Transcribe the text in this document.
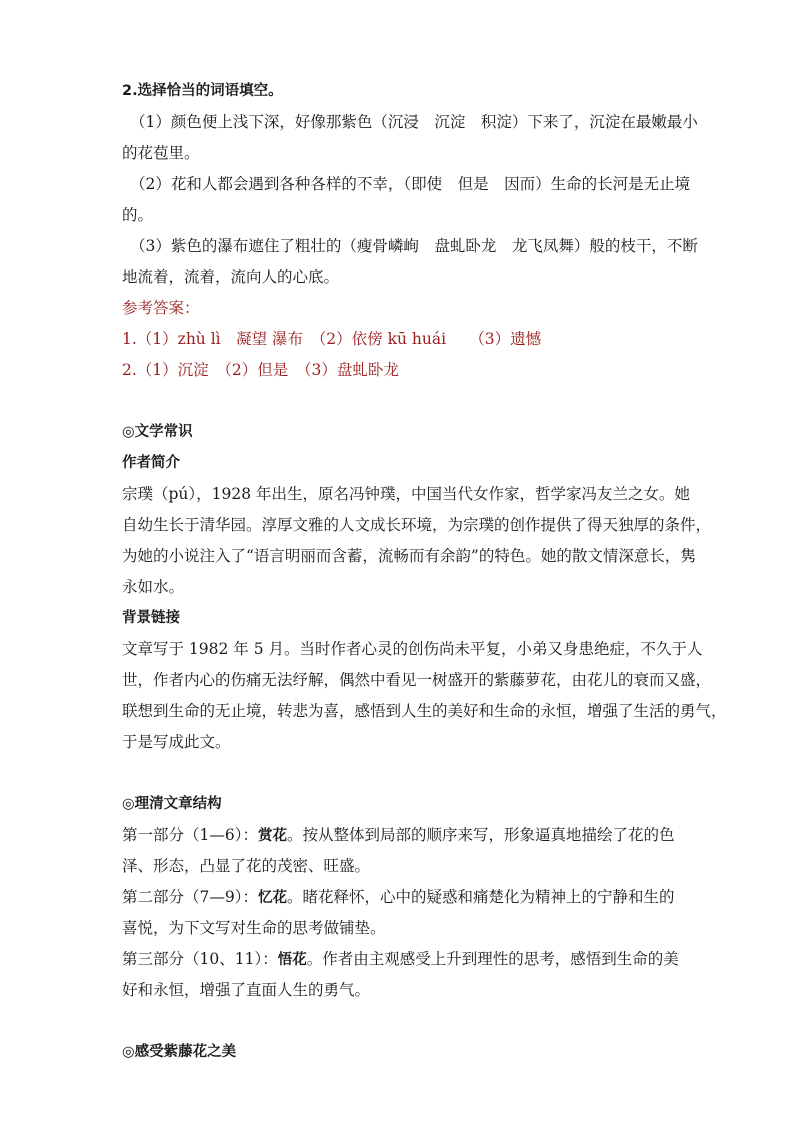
2.选择恰当的词语填空。
（1）颜色便上浅下深，好像那紫色（沉浸　沉淀　积淀）下来了，沉淀在最嫩最小
的花苞里。
（2）花和人都会遇到各种各样的不幸，（即使　但是　因而）生命的长河是无止境
的。
（3）紫色的瀑布遮住了粗壮的（瘦骨嶙峋　盘虬卧龙　龙飞凤舞）般的枝干，不断
地流着，流着，流向人的心底。
参考答案：
1.（1）zhù lì　凝望 瀑布　（2）依傍 kū huái　　（3）遗憾
2.（1）沉淀　（2）但是　（3）盘虬卧龙
◎文学常识
作者简介
宗璞（pú），1928 年出生，原名冯钟璞，中国当代女作家，哲学家冯友兰之女。她
自幼生长于清华园。淳厚文雅的人文成长环境，为宗璞的创作提供了得天独厚的条件，
为她的小说注入了“语言明丽而含蓄，流畅而有余韵”的特色。她的散文情深意长，隽
永如水。
背景链接
文章写于 1982 年 5 月。当时作者心灵的创伤尚未平复，小弟又身患绝症，不久于人
世，作者内心的伤痛无法纾解，偶然中看见一树盛开的紫藤萝花，由花儿的衰而又盛，
联想到生命的无止境，转悲为喜，感悟到人生的美好和生命的永恒，增强了生活的勇气，
于是写成此文。
◎理清文章结构
第一部分（1—6）：赏花。按从整体到局部的顺序来写，形象逼真地描绘了花的色
泽、形态，凸显了花的茂密、旺盛。
第二部分（7—9）：忆花。睹花释怀，心中的疑惑和痛楚化为精神上的宁静和生的
喜悦，为下文写对生命的思考做铺垫。
第三部分（10、11）：悟花。作者由主观感受上升到理性的思考，感悟到生命的美
好和永恒，增强了直面人生的勇气。
◎感受紫藤花之美
